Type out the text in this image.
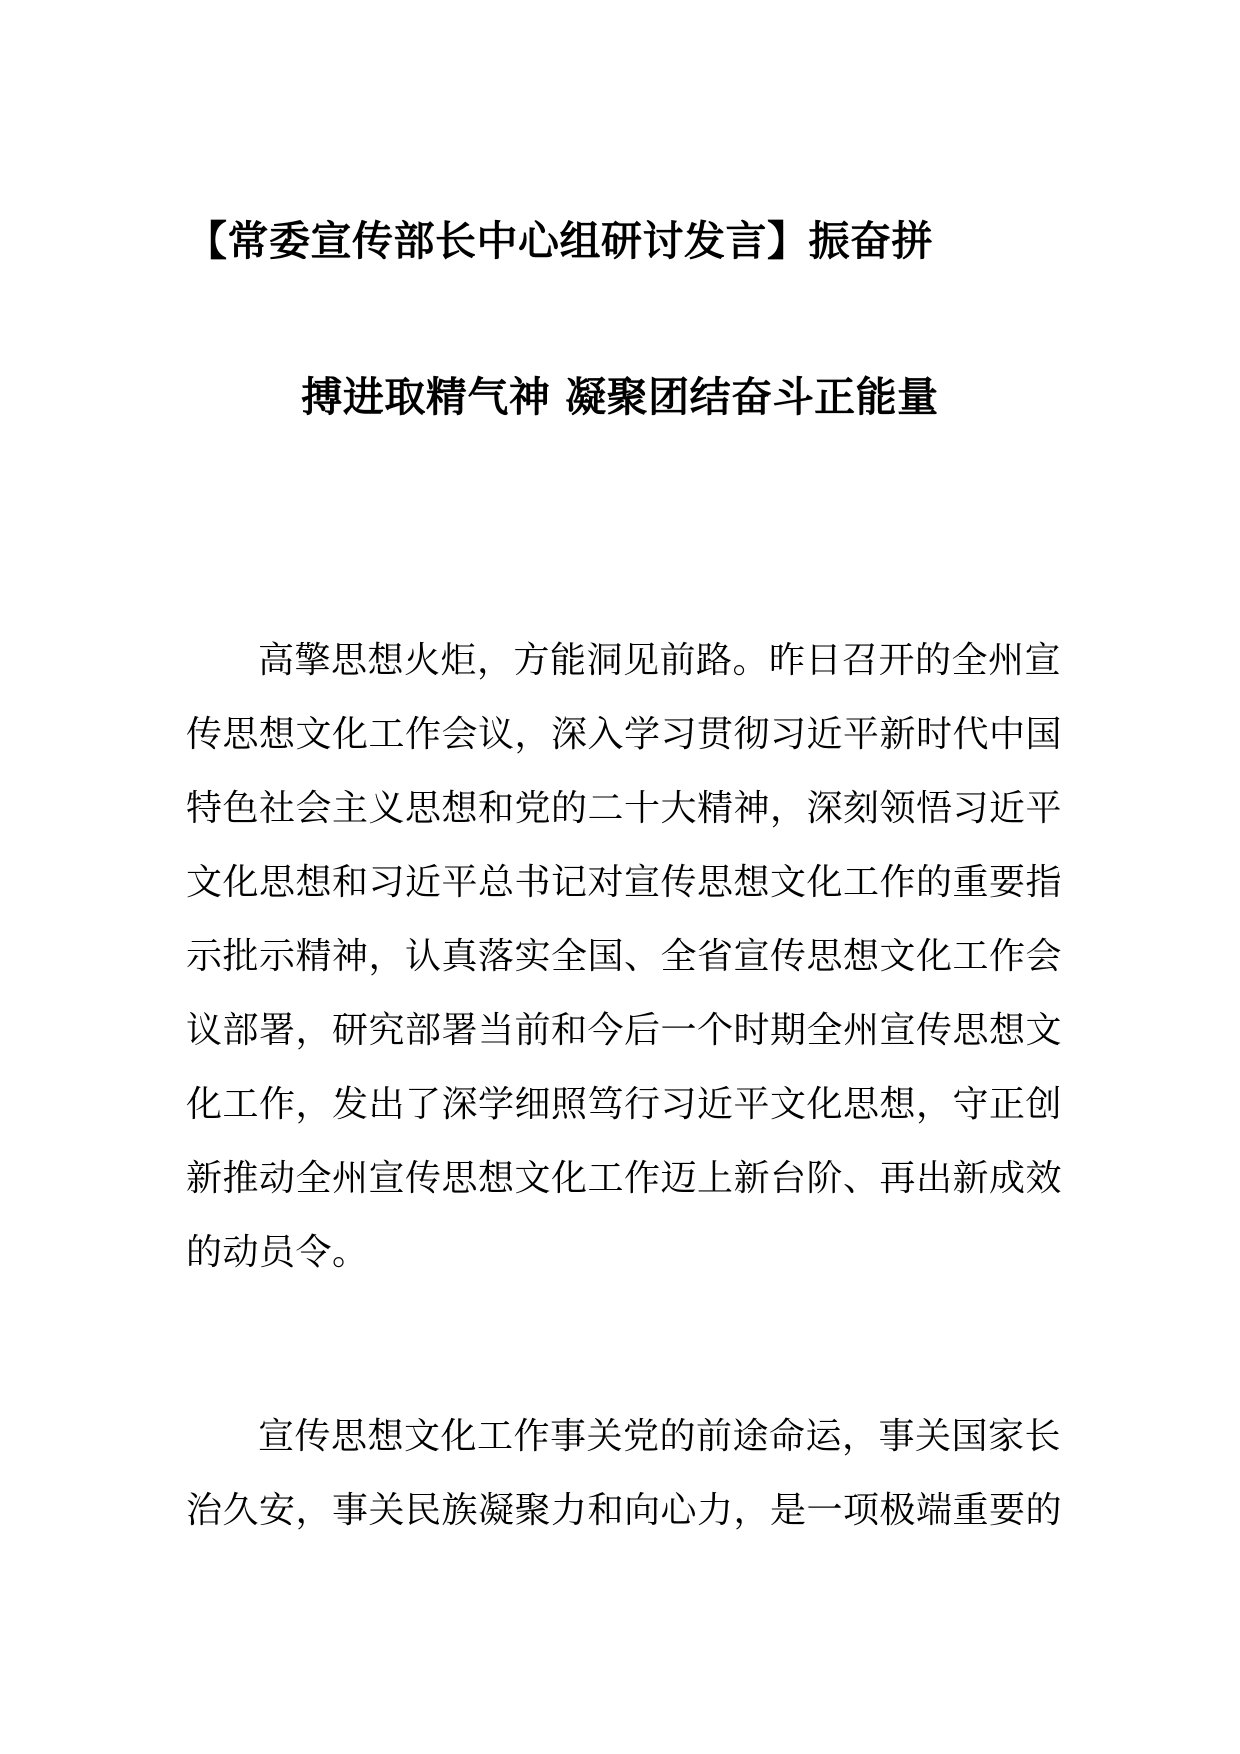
【常委宣传部长中心组研讨发言】振奋拼
搏进取精气神 凝聚团结奋斗正能量
高擎思想火炬，方能洞见前路。昨日召开的全州宣
传思想文化工作会议，深入学习贯彻习近平新时代中国
特色社会主义思想和党的二十大精神，深刻领悟习近平
文化思想和习近平总书记对宣传思想文化工作的重要指
示批示精神，认真落实全国、全省宣传思想文化工作会
议部署，研究部署当前和今后一个时期全州宣传思想文
化工作，发出了深学细照笃行习近平文化思想，守正创
新推动全州宣传思想文化工作迈上新台阶、再出新成效
的动员令。
宣传思想文化工作事关党的前途命运，事关国家长
治久安，事关民族凝聚力和向心力，是一项极端重要的
